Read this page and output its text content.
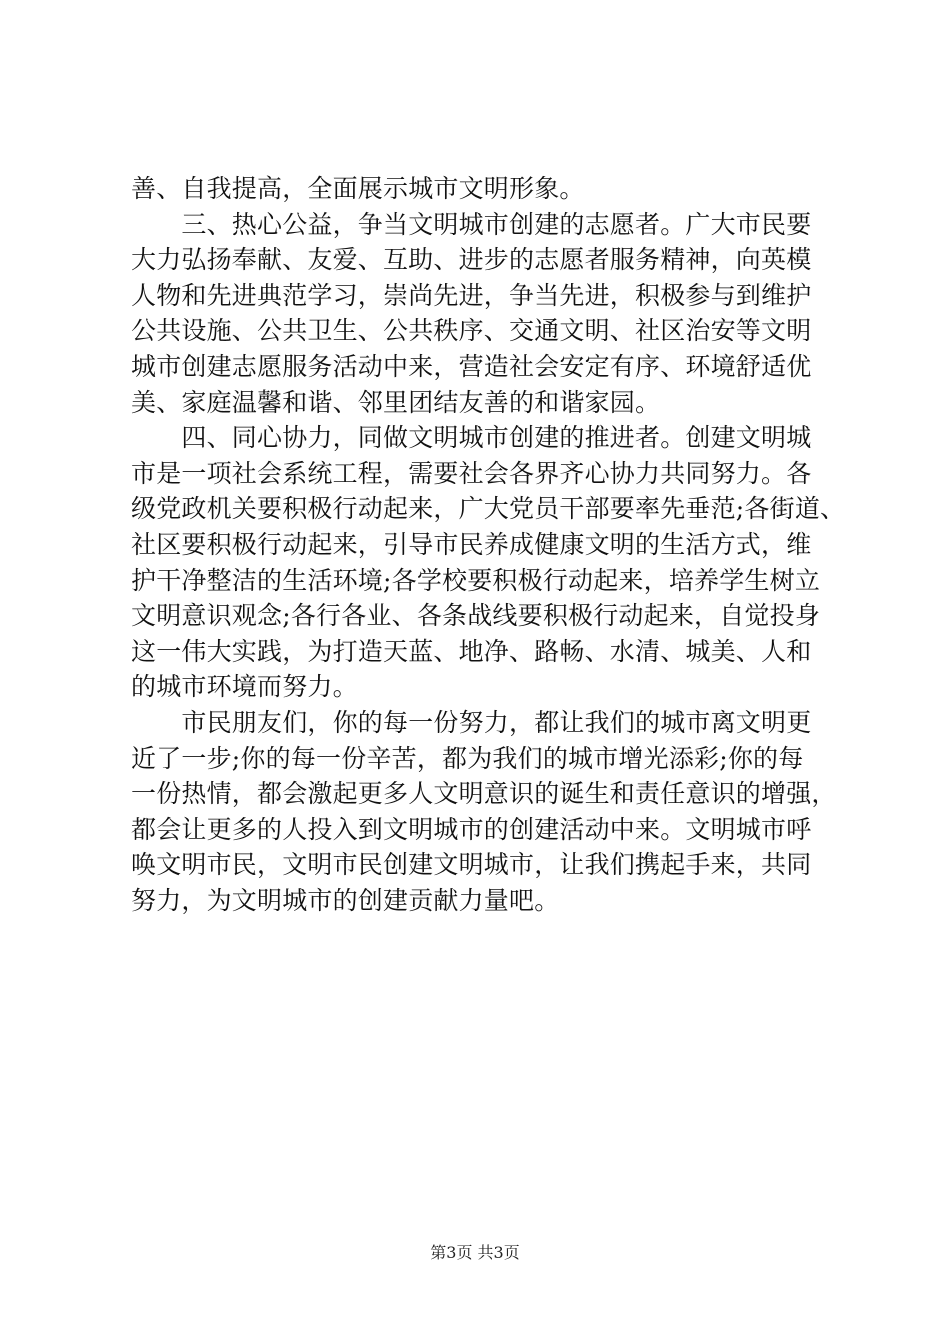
善、自我提高，全面展示城市文明形象。
　　三、热心公益，争当文明城市创建的志愿者。广大市民要
大力弘扬奉献、友爱、互助、进步的志愿者服务精神，向英模
人物和先进典范学习，崇尚先进，争当先进，积极参与到维护
公共设施、公共卫生、公共秩序、交通文明、社区治安等文明
城市创建志愿服务活动中来，营造社会安定有序、环境舒适优
美、家庭温馨和谐、邻里团结友善的和谐家园。
　　四、同心协力，同做文明城市创建的推进者。创建文明城
市是一项社会系统工程，需要社会各界齐心协力共同努力。各
级党政机关要积极行动起来，广大党员干部要率先垂范;各街道、
社区要积极行动起来，引导市民养成健康文明的生活方式，维
护干净整洁的生活环境;各学校要积极行动起来，培养学生树立
文明意识观念;各行各业、各条战线要积极行动起来，自觉投身
这一伟大实践，为打造天蓝、地净、路畅、水清、城美、人和
的城市环境而努力。
　　市民朋友们，你的每一份努力，都让我们的城市离文明更
近了一步;你的每一份辛苦，都为我们的城市增光添彩;你的每
一份热情，都会激起更多人文明意识的诞生和责任意识的增强，
都会让更多的人投入到文明城市的创建活动中来。文明城市呼
唤文明市民，文明市民创建文明城市，让我们携起手来，共同
努力，为文明城市的创建贡献力量吧。
第3页 共3页
